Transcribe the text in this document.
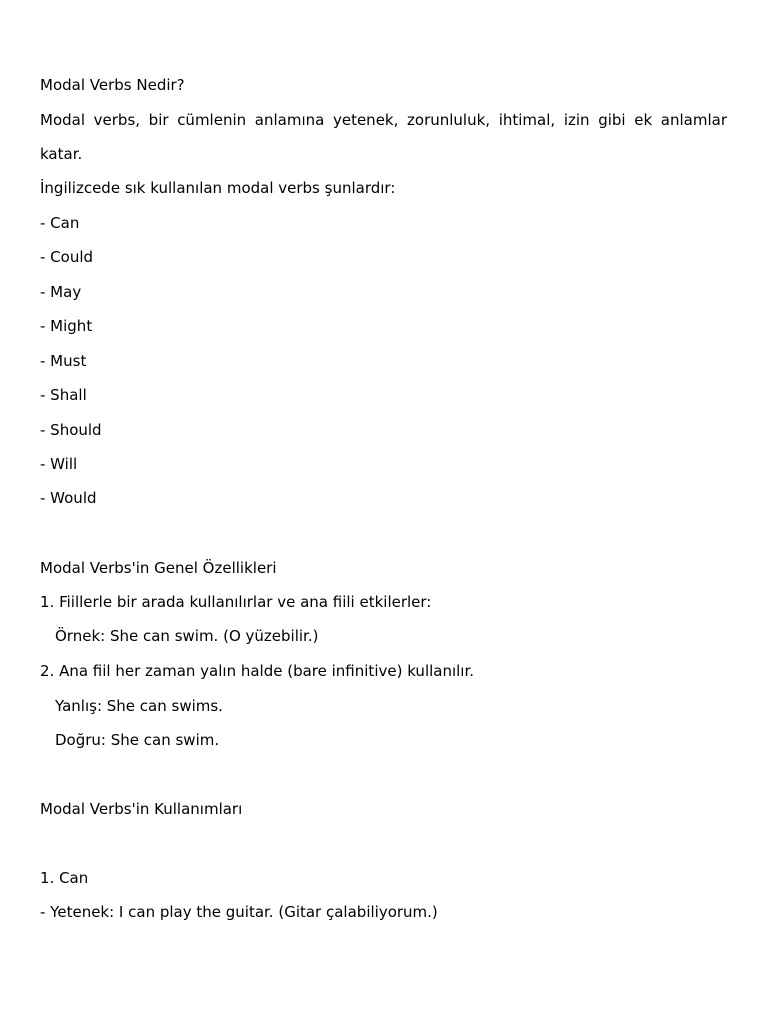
Modal Verbs Nedir?
Modal verbs, bir cümlenin anlamına yetenek, zorunluluk, ihtimal, izin gibi ek anlamlar
katar.
İngilizcede sık kullanılan modal verbs şunlardır:
- Can
- Could
- May
- Might
- Must
- Shall
- Should
- Will
- Would
Modal Verbs'in Genel Özellikleri
1. Fiillerle bir arada kullanılırlar ve ana fiili etkilerler:
Örnek: She can swim. (O yüzebilir.)
2. Ana fiil her zaman yalın halde (bare infinitive) kullanılır.
Yanlış: She can swims.
Doğru: She can swim.
Modal Verbs'in Kullanımları
1. Can
- Yetenek: I can play the guitar. (Gitar çalabiliyorum.)
